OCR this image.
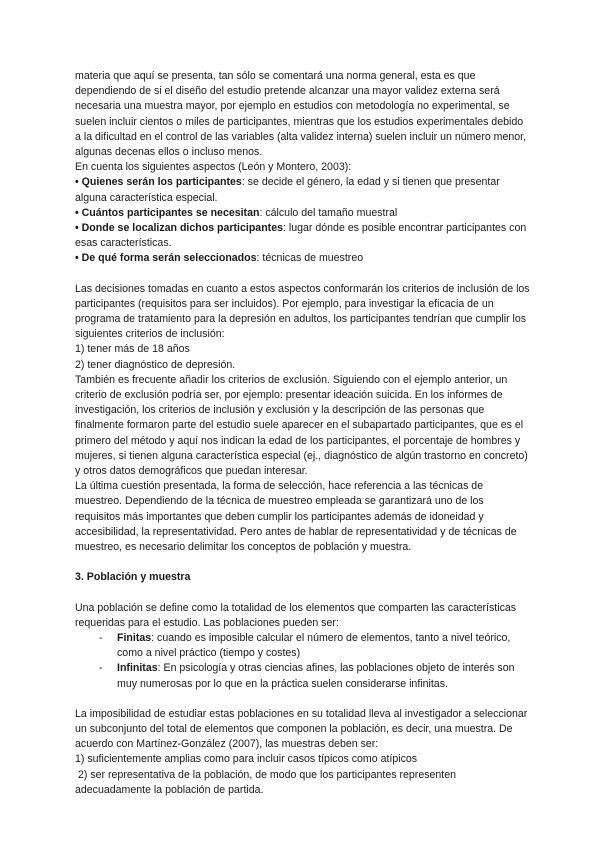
materia que aquí se presenta, tan sólo se comentará una norma general, esta es que dependiendo de si el diseño del estudio pretende alcanzar una mayor validez externa será necesaria una muestra mayor, por ejemplo en estudios con metodología no experimental, se suelen incluir cientos o miles de participantes, mientras que los estudios experimentales debido a la dificultad en el control de las variables (alta validez interna) suelen incluir un número menor, algunas decenas ellos o incluso menos.

En cuenta los siguientes aspectos (León y Montero, 2003):

• Quienes serán los participantes: se decide el género, la edad y si tienen que presentar alguna característica especial.

• Cuántos participantes se necesitan: cálculo del tamaño muestral

• Donde se localizan dichos participantes: lugar dónde es posible encontrar participantes con esas características.

• De qué forma serán seleccionados: técnicas de muestreo

Las decisiones tomadas en cuanto a estos aspectos conformarán los criterios de inclusión de los participantes (requisitos para ser incluidos). Por ejemplo, para investigar la eficacia de un programa de tratamiento para la depresión en adultos, los participantes tendrían que cumplir los siguientes criterios de inclusión:

1) tener más de 18 años

2) tener diagnóstico de depresión.

También es frecuente añadir los criterios de exclusión. Siguiendo con el ejemplo anterior, un criterio de exclusión podría ser, por ejemplo: presentar ideación suicida. En los informes de investigación, los criterios de inclusión y exclusión y la descripción de las personas que finalmente formaron parte del estudio suele aparecer en el subapartado participantes, que es el primero del método y aquí nos indican la edad de los participantes, el porcentaje de hombres y mujeres, si tienen alguna característica especial (ej., diagnóstico de algún trastorno en concreto) y otros datos demográficos que puedan interesar.

La última cuestión presentada, la forma de selección, hace referencia a las técnicas de muestreo. Dependiendo de la técnica de muestreo empleada se garantizará uno de los requisitos más importantes que deben cumplir los participantes además de idoneidad y accesibilidad, la representatividad. Pero antes de hablar de representatividad y de técnicas de muestreo, es necesario delimitar los conceptos de población y muestra.

3. Población y muestra

Una población se define como la totalidad de los elementos que comparten las características requeridas para el estudio. Las poblaciones pueden ser:

- Finitas: cuando es imposible calcular el número de elementos, tanto a nivel teórico, como a nivel práctico (tiempo y costes)
- Infinitas: En psicología y otras ciencias afines, las poblaciones objeto de interés son muy numerosas por lo que en la práctica suelen considerarse infinitas.

La imposibilidad de estudiar estas poblaciones en su totalidad lleva al investigador a seleccionar un subconjunto del total de elementos que componen la población, es decir, una muestra. De acuerdo con Martínez-González (2007), las muestras deben ser:

1) suficientemente amplias como para incluir casos típicos como atípicos

2) ser representativa de la población, de modo que los participantes representen adecuadamente la población de partida.
